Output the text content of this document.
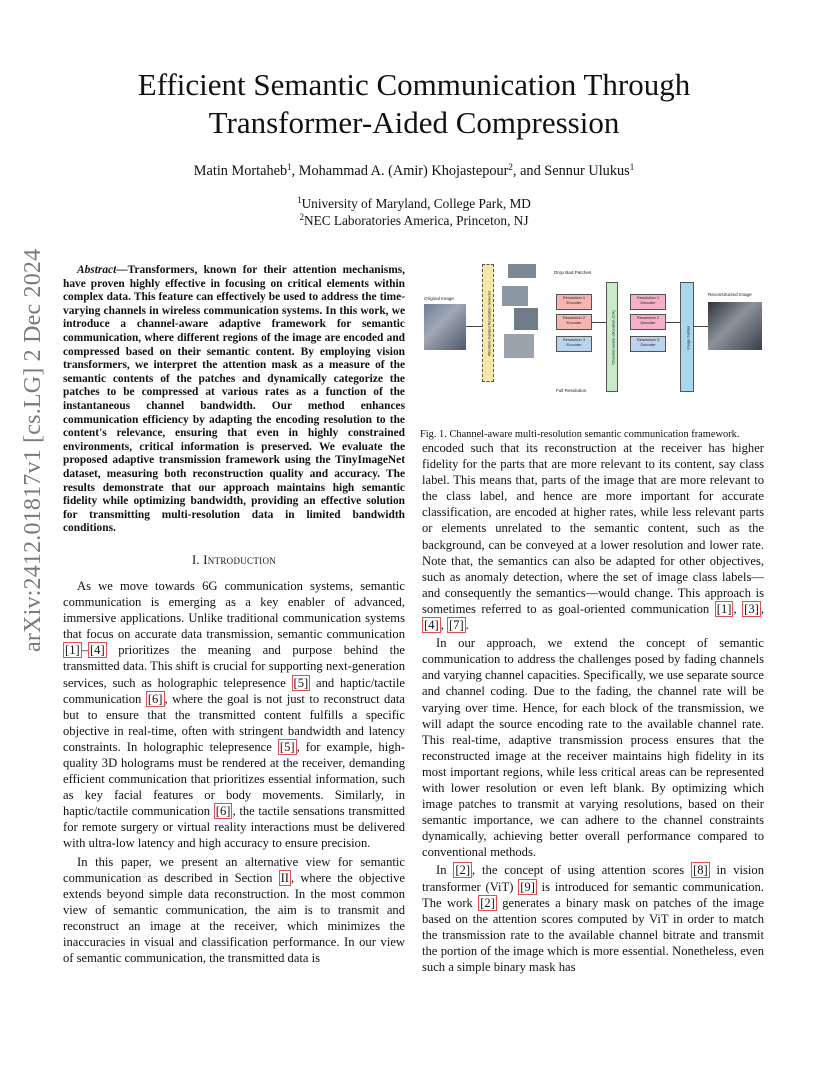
arXiv:2412.01817v1 [cs.LG] 2 Dec 2024
Efficient Semantic Communication Through
Transformer-Aided Compression
Matin Mortaheb$^1$, Mohammad A. (Amir) Khojastepour$^2$, and Sennur Ulukus$^1$
$^1$University of Maryland, College Park, MD
$^2$NEC Laboratories America, Princeton, NJ

Abstract—Transformers, known for their attention mechanisms, have proven highly effective in focusing on critical elements within complex data. This feature can effectively be used to address the time-varying channels in wireless communication systems. In this work, we introduce a channel-aware adaptive framework for semantic communication, where different regions of the image are encoded and compressed based on their semantic content. By employing vision transformers, we interpret the attention mask as a measure of the semantic contents of the patches and dynamically categorize the patches to be compressed at various rates as a function of the instantaneous channel bandwidth. Our method enhances communication efficiency by adapting the encoding resolution to the content's relevance, ensuring that even in highly constrained environments, critical information is preserved. We evaluate the proposed adaptive transmission framework using the TinyImageNet dataset, measuring both reconstruction quality and accuracy. The results demonstrate that our approach maintains high semantic fidelity while optimizing bandwidth, providing an effective solution for transmitting multi-resolution data in limited bandwidth conditions.

I. Introduction

As we move towards 6G communication systems, semantic communication is emerging as a key enabler of advanced, immersive applications. Unlike traditional communication systems that focus on accurate data transmission, semantic communication [1] – [4] prioritizes the meaning and purpose behind the transmitted data. This shift is crucial for supporting next-generation services, such as holographic telepresence [5] and haptic/tactile communication [6] , where the goal is not just to reconstruct data but to ensure that the transmitted content fulfills a specific objective in real-time, often with stringent bandwidth and latency constraints. In holographic telepresence [5] , for example, high-quality 3D holograms must be rendered at the receiver, demanding efficient communication that prioritizes essential information, such as key facial features or body movements. Similarly, in haptic/tactile communication [6] , the tactile sensations transmitted for remote surgery or virtual reality interactions must be delivered with ultra-low latency and high accuracy to ensure precision.

In this paper, we present an alternative view for semantic communication as described in Section II , where the objective extends beyond simple data reconstruction. In the most common view of semantic communication, the aim is to transmit and reconstruct an image at the receiver, which minimizes the inaccuracies in visual and classification performance. In our view of semantic communication, the transmitted data is

Original Image	Attention-Guided Resolution Selector
Drop Bad Patches
Resolution 1 Encoder
Resolution 2 Encoder
Resolution 3 Encoder
Full Resolution
Channel-aware allocation (CA)
Resolution 1 Decoder
Resolution 2 Decoder
Resolution 3 Decoder	Image builder
Reconstructed Image
Fig. 1. Channel-aware multi-resolution semantic communication framework.

encoded such that its reconstruction at the receiver has higher fidelity for the parts that are more relevant to its content, say class label. This means that, parts of the image that are more relevant to the class label, and hence are more important for accurate classification, are encoded at higher rates, while less relevant parts or elements unrelated to the semantic content, such as the background, can be conveyed at a lower resolution and lower rate. Note that, the semantics can also be adapted for other objectives, such as anomaly detection, where the set of image class labels—and consequently the semantics—would change. This approach is sometimes referred to as goal-oriented communication [1] , [3] , [4] , [7] .

In our approach, we extend the concept of semantic communication to address the challenges posed by fading channels and varying channel capacities. Specifically, we use separate source and channel coding. Due to the fading, the channel rate will be varying over time. Hence, for each block of the transmission, we will adapt the source encoding rate to the available channel rate. This real-time, adaptive transmission process ensures that the reconstructed image at the receiver maintains high fidelity in its most important regions, while less critical areas can be represented with lower resolution or even left blank. By optimizing which image patches to transmit at varying resolutions, based on their semantic importance, we can adhere to the channel constraints dynamically, achieving better overall performance compared to conventional methods.

In [2] , the concept of using attention scores [8] in vision transformer (ViT) [9] is introduced for semantic communication. The work [2] generates a binary mask on patches of the image based on the attention scores computed by ViT in order to match the transmission rate to the available channel bitrate and transmit the portion of the image which is more essential. Nonetheless, even such a simple binary mask has
